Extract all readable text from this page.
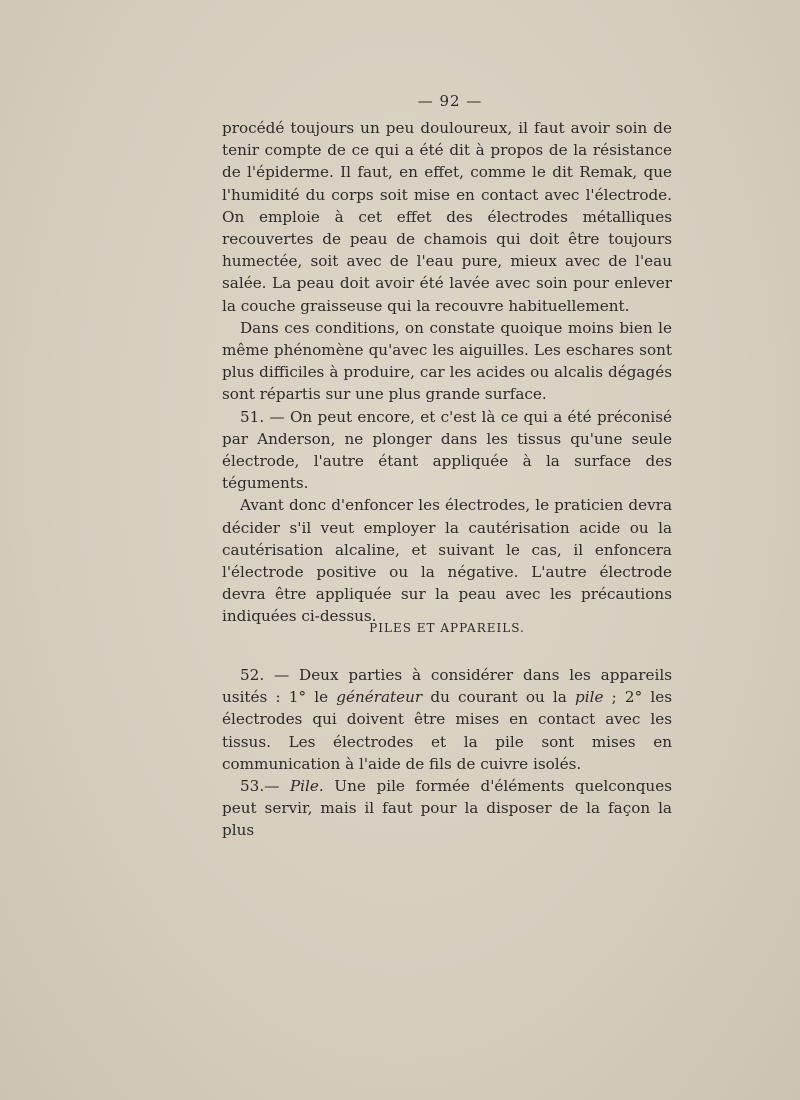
— 92 —

procédé toujours un peu douloureux, il faut avoir soin de tenir compte de ce qui a été dit à propos de la résistance de l'épiderme. Il faut, en effet, comme le dit Remak, que l'humidité du corps soit mise en contact avec l'électrode. On emploie à cet effet des électrodes métalliques recouvertes de peau de chamois qui doit être toujours humectée, soit avec de l'eau pure, mieux avec de l'eau salée. La peau doit avoir été lavée avec soin pour enlever la couche graisseuse qui la recouvre habituellement.

Dans ces conditions, on constate quoique moins bien le même phénomène qu'avec les aiguilles. Les eschares sont plus difficiles à produire, car les acides ou alcalis dégagés sont répartis sur une plus grande surface.

51. — On peut encore, et c'est là ce qui a été préconisé par Anderson, ne plonger dans les tissus qu'une seule électrode, l'autre étant appliquée à la surface des téguments.

Avant donc d'enfoncer les électrodes, le praticien devra décider s'il veut employer la cautérisation acide ou la cautérisation alcaline, et suivant le cas, il enfoncera l'électrode positive ou la négative. L'autre électrode devra être appliquée sur la peau avec les précautions indiquées ci-dessus.

PILES ET APPAREILS.

52. — Deux parties à considérer dans les appareils usités : 1° le générateur du courant ou la pile ; 2° les électrodes qui doivent être mises en contact avec les tissus. Les électrodes et la pile sont mises en communication à l'aide de fils de cuivre isolés.

53.— Pile. Une pile formée d'éléments quelconques peut servir, mais il faut pour la disposer de la façon la plus
